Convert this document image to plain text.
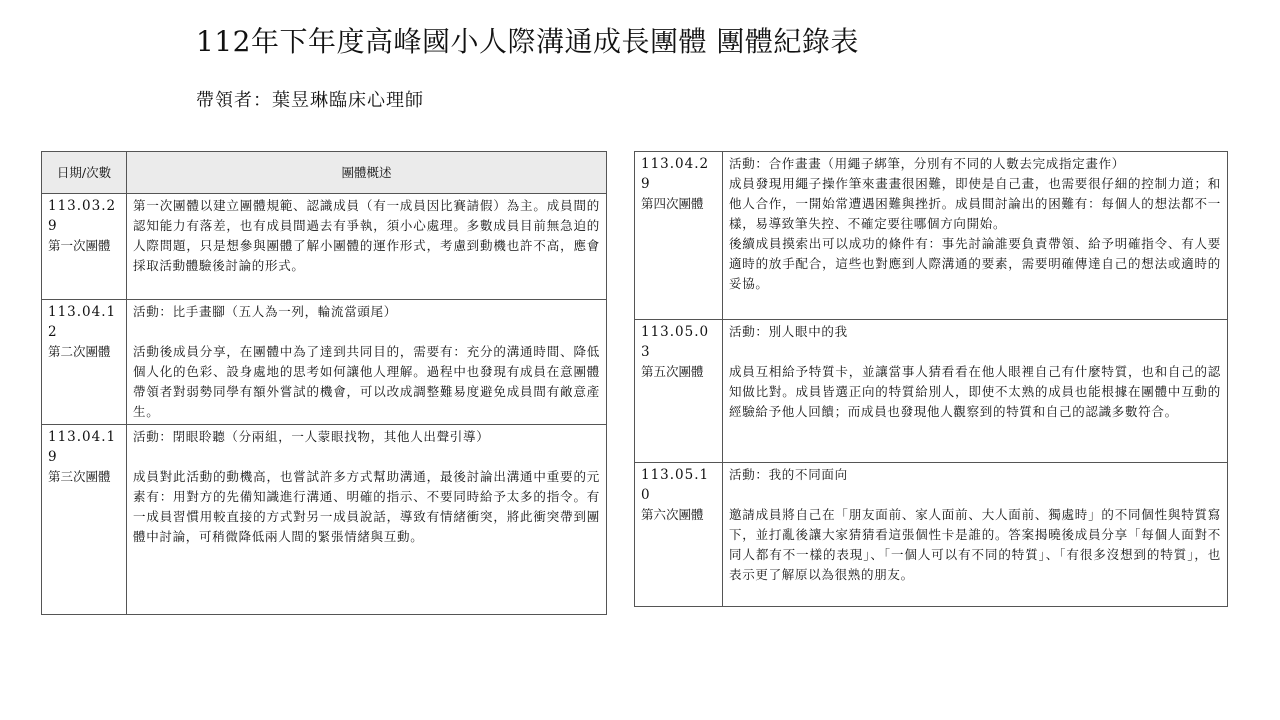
112年下年度高峰國小人際溝通成長團體 團體紀錄表
帶領者：葉昱琳臨床心理師
日期/次數	團體概述
113.03.29
第一次團體	第一次團體以建立團體規範、認識成員（有一成員因比賽請假）為主。成員間的認知能力有落差，也有成員間過去有爭執，須小心處理。多數成員目前無急迫的人際問題，只是想參與團體了解小團體的運作形式，考慮到動機也許不高，應會採取活動體驗後討論的形式。

113.04.12
第二次團體	活動：比手畫腳（五人為一列，輪流當頭尾）
活動後成員分享，在團體中為了達到共同目的，需要有：充分的溝通時間、降低個人化的色彩、設身處地的思考如何讓他人理解。過程中也發現有成員在意團體帶領者對弱勢同學有額外嘗試的機會，可以改成調整難易度避免成員間有敵意產生。

113.04.19
第三次團體	活動：閉眼聆聽（分兩組，一人蒙眼找物，其他人出聲引導）
成員對此活動的動機高，也嘗試許多方式幫助溝通，最後討論出溝通中重要的元素有：用對方的先備知識進行溝通、明確的指示、不要同時給予太多的指令。有一成員習慣用較直接的方式對另一成員說話，導致有情緒衝突，將此衝突帶到團體中討論，可稍微降低兩人間的緊張情緒與互動。
113.04.29
第四次團體	活動：合作畫畫（用繩子綁筆，分別有不同的人數去完成指定畫作）
成員發現用繩子操作筆來畫畫很困難，即使是自己畫，也需要很仔細的控制力道；和他人合作，一開始常遭遇困難與挫折。成員間討論出的困難有：每個人的想法都不一樣，易導致筆失控、不確定要往哪個方向開始。
後續成員摸索出可以成功的條件有：事先討論誰要負責帶領、給予明確指令、有人要適時的放手配合，這些也對應到人際溝通的要素，需要明確傳達自己的想法或適時的妥協。

113.05.03
第五次團體	活動：別人眼中的我
成員互相給予特質卡，並讓當事人猜看看在他人眼裡自己有什麼特質，也和自己的認知做比對。成員皆選正向的特質給別人，即使不太熟的成員也能根據在團體中互動的經驗給予他人回饋；而成員也發現他人觀察到的特質和自己的認識多數符合。

113.05.10
第六次團體	活動：我的不同面向
邀請成員將自己在「朋友面前、家人面前、大人面前、獨處時」的不同個性與特質寫下，並打亂後讓大家猜猜看這張個性卡是誰的。答案揭曉後成員分享「每個人面對不同人都有不一樣的表現」、「一個人可以有不同的特質」、「有很多沒想到的特質」，也表示更了解原以為很熟的朋友。
